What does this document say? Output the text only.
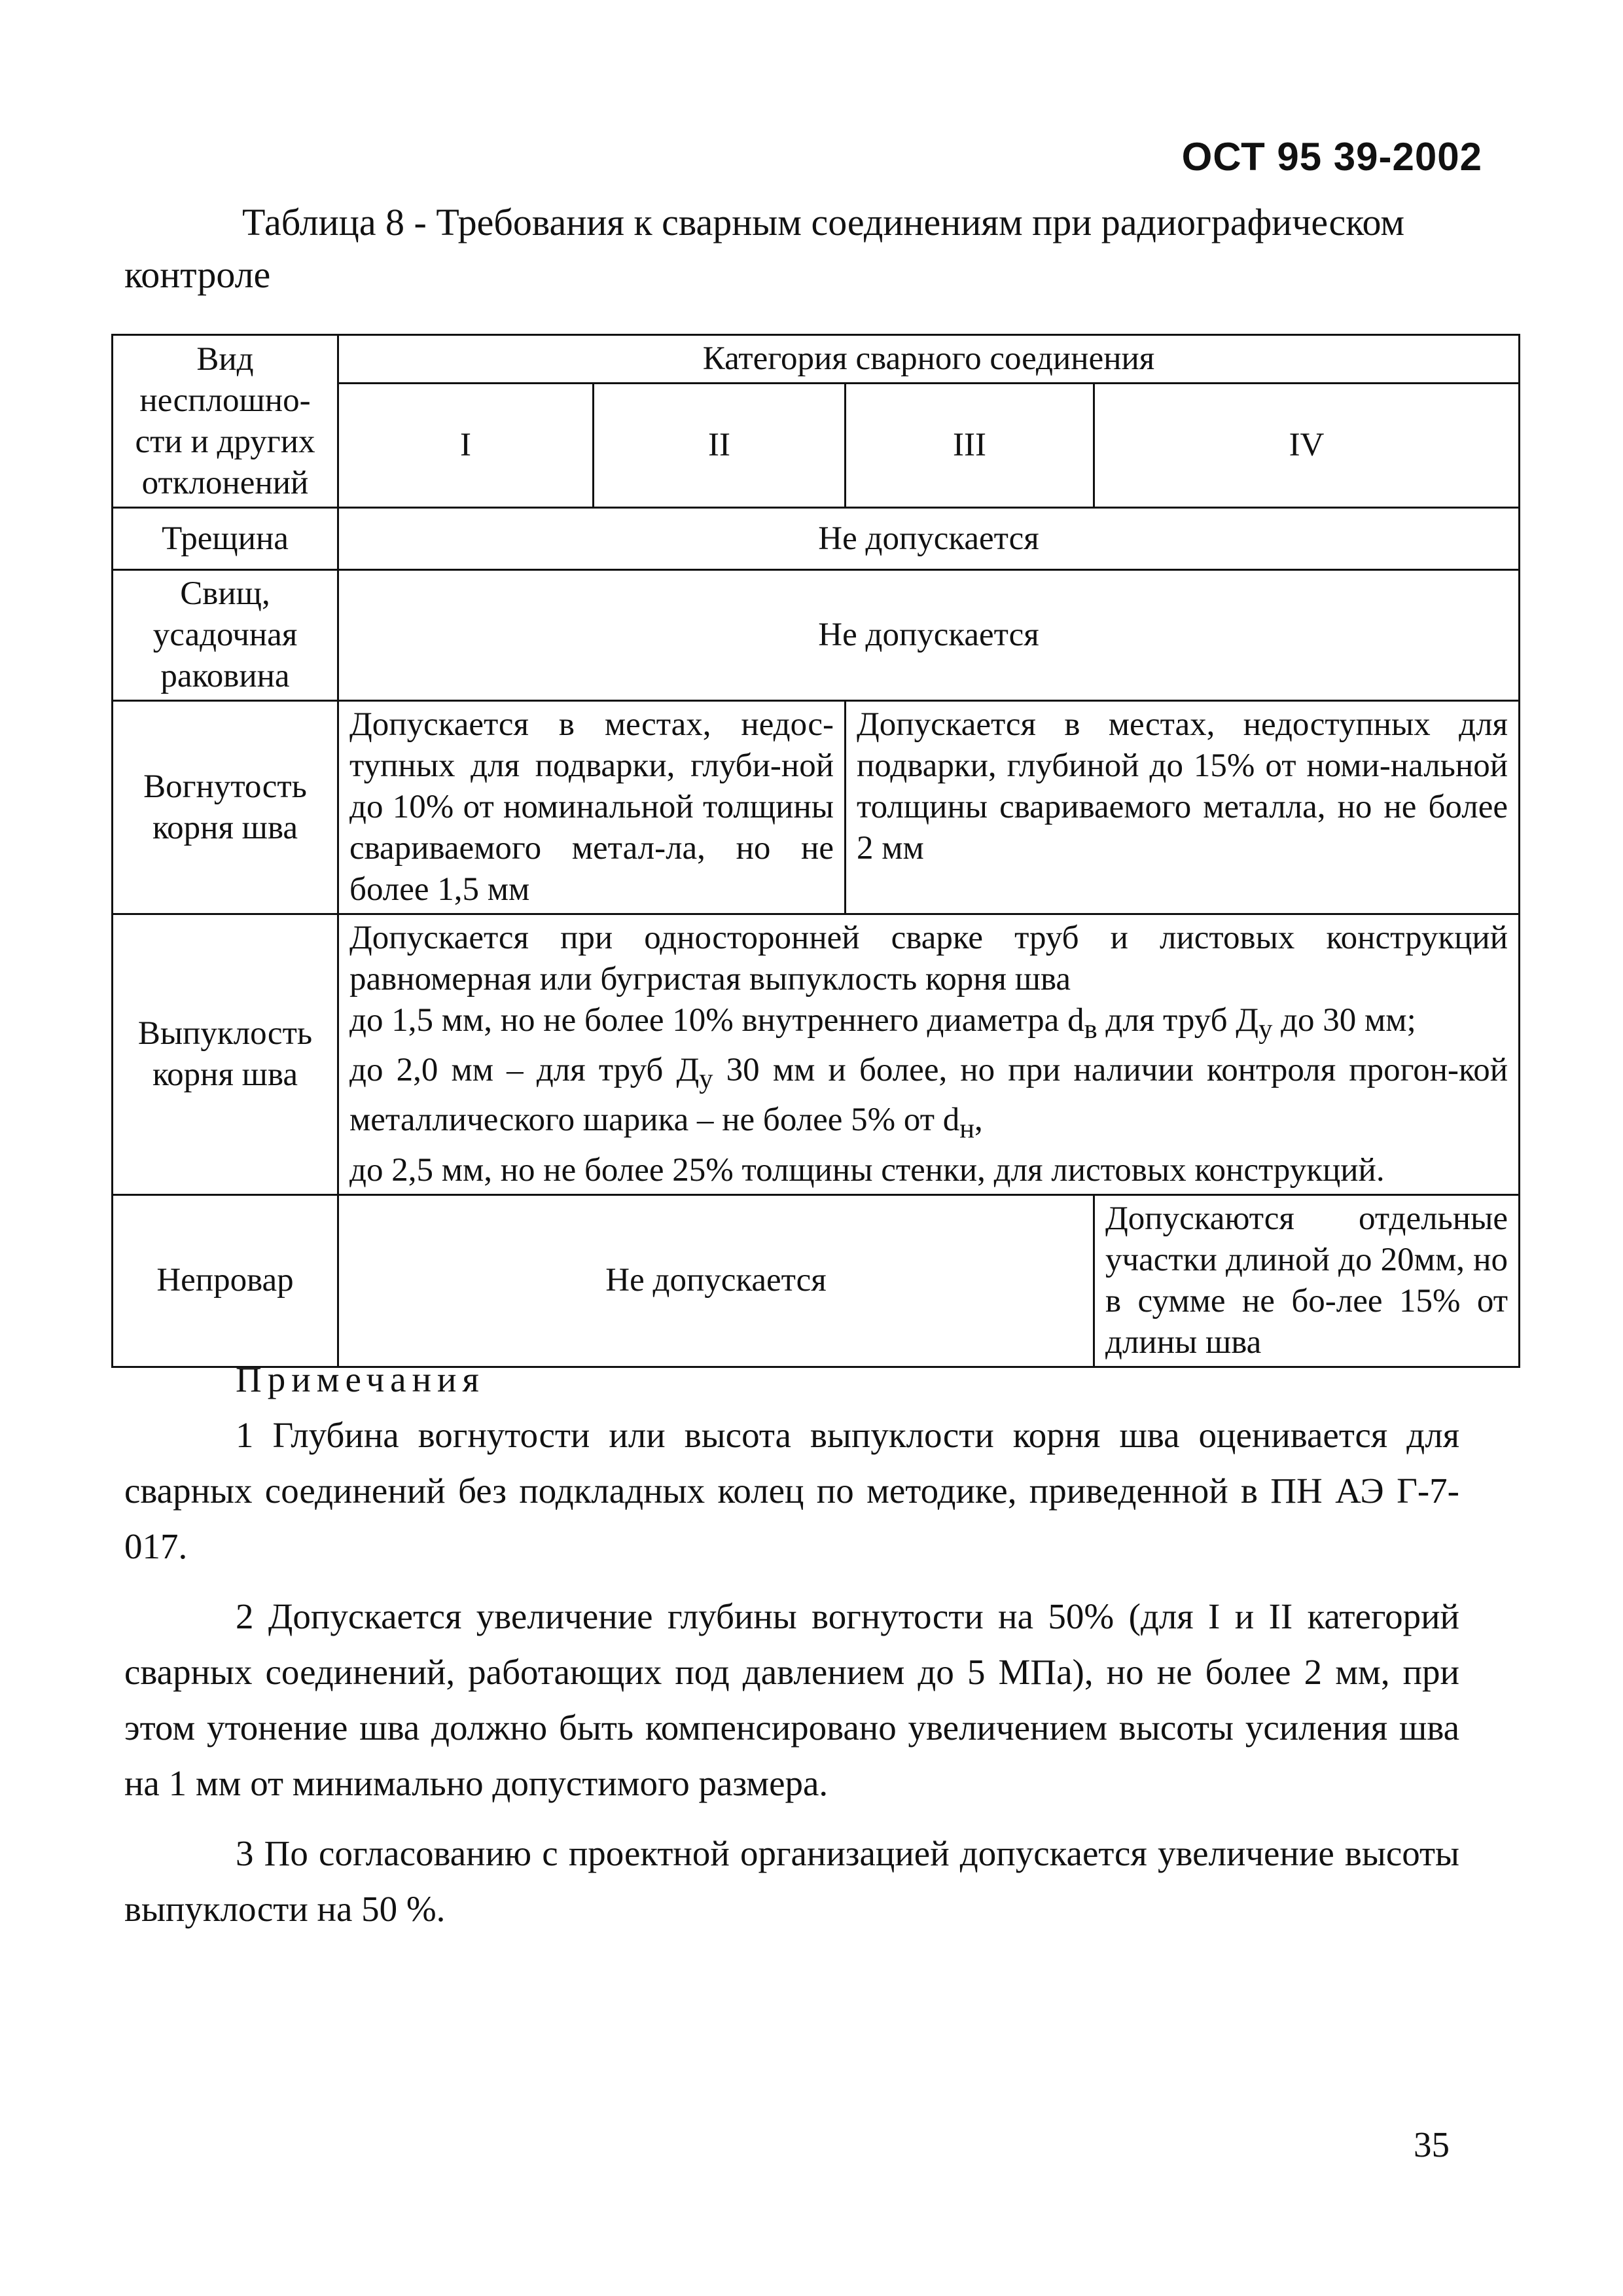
ОСТ 95 39-2002
Таблица 8 - Требования к сварным соединениям при радиографическом
контроле
Вид несплошно-сти и других отклонений	Категория сварного соединения			
	I	II	III	IV
Трещина	Не допускается			
Свищ, усадочная раковина	Не допускается			
Вогнутость корня шва	Допускается в местах, недос-тупных для подварки, глуби-ной до 10% от номинальной толщины свариваемого метал-ла, но не более 1,5 мм		Допускается в местах, недоступных для подварки, глубиной до 15% от номи-нальной толщины свариваемого металла, но не более 2 мм	
Выпуклость корня шва	Допускается при односторонней сварке труб и листовых конструкций равномерная или бугристая выпуклость корня шва
до 1,5 мм, но не более 10% внутреннего диаметра $d_в$ для труб $Д_у$ до 30 мм;
до 2,0 мм – для труб $Д_у$ 30 мм и более, но при наличии контроля прогон-кой металлического шарика – не более 5% от $d_н$,
до 2,5 мм, но не более 25% толщины стенки, для листовых конструкций.			

Непровар	Не допускается			Допускаются отдельные участки длиной до 20мм, но в сумме не бо-лее 15% от длины шва
Примечания

1 Глубина вогнутости или высота выпуклости корня шва оценивается для сварных соединений без подкладных колец по методике, приведенной в ПН АЭ Г-7-017.

2 Допускается увеличение глубины вогнутости на 50% (для I и II категорий сварных соединений, работающих под давлением до 5 МПа), но не более 2 мм, при этом утонение шва должно быть компенсировано увеличением высоты усиления шва на 1 мм от минимально допустимого размера.

3 По согласованию с проектной организацией допускается увеличение высоты выпуклости на 50 %.

35
